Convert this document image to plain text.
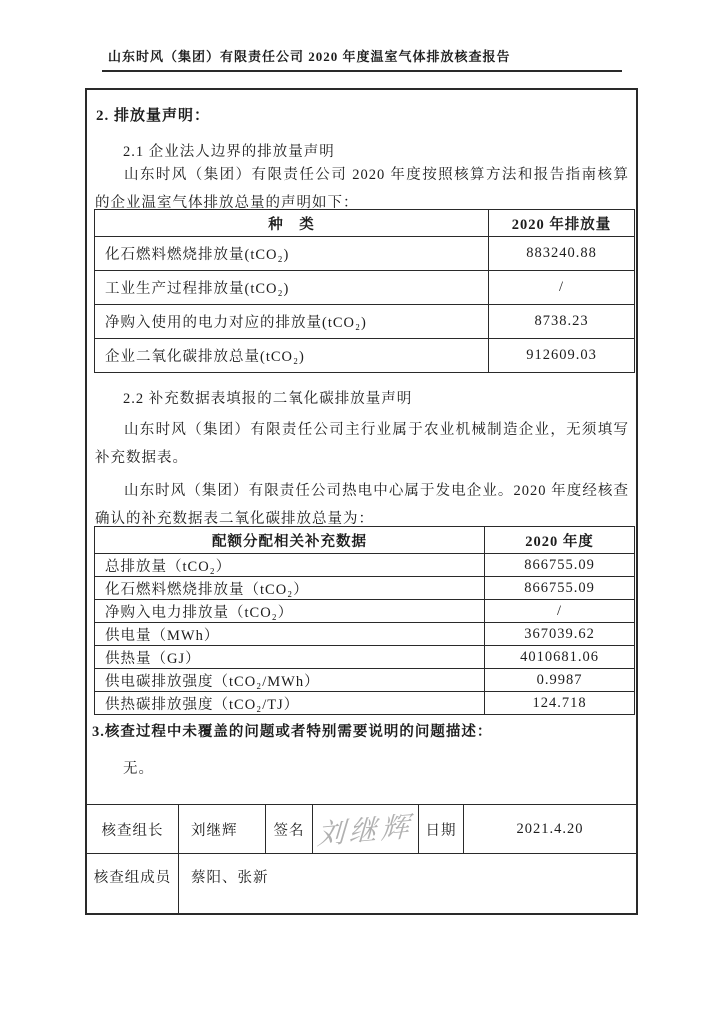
山东时风（集团）有限责任公司 2020 年度温室气体排放核查报告
2. 排放量声明：
2.1 企业法人边界的排放量声明
山东时风（集团）有限责任公司 2020 年度按照核算方法和报告指南核算的企业温室气体排放总量的声明如下：
种　类	2020 年排放量
化石燃料燃烧排放量(tCO₂)	883240.88
工业生产过程排放量(tCO₂)	/
净购入使用的电力对应的排放量(tCO₂)	8738.23
企业二氧化碳排放总量(tCO₂)	912609.03
2.2 补充数据表填报的二氧化碳排放量声明
山东时风（集团）有限责任公司主行业属于农业机械制造企业，无须填写补充数据表。
山东时风（集团）有限责任公司热电中心属于发电企业。2020 年度经核查确认的补充数据表二氧化碳排放总量为：
配额分配相关补充数据	2020 年度
总排放量（tCO₂）	866755.09
化石燃料燃烧排放量（tCO₂）	866755.09
净购入电力排放量（tCO₂）	/
供电量（MWh）	367039.62
供热量（GJ）	4010681.06
供电碳排放强度（tCO₂/MWh）	0.9987
供热碳排放强度（tCO₂/TJ）	124.718
3.核查过程中未覆盖的问题或者特别需要说明的问题描述：
无。
核查组长	刘继辉	签名 刘继辉 日期	2021.4.20
核查组成员	蔡阳、张新
